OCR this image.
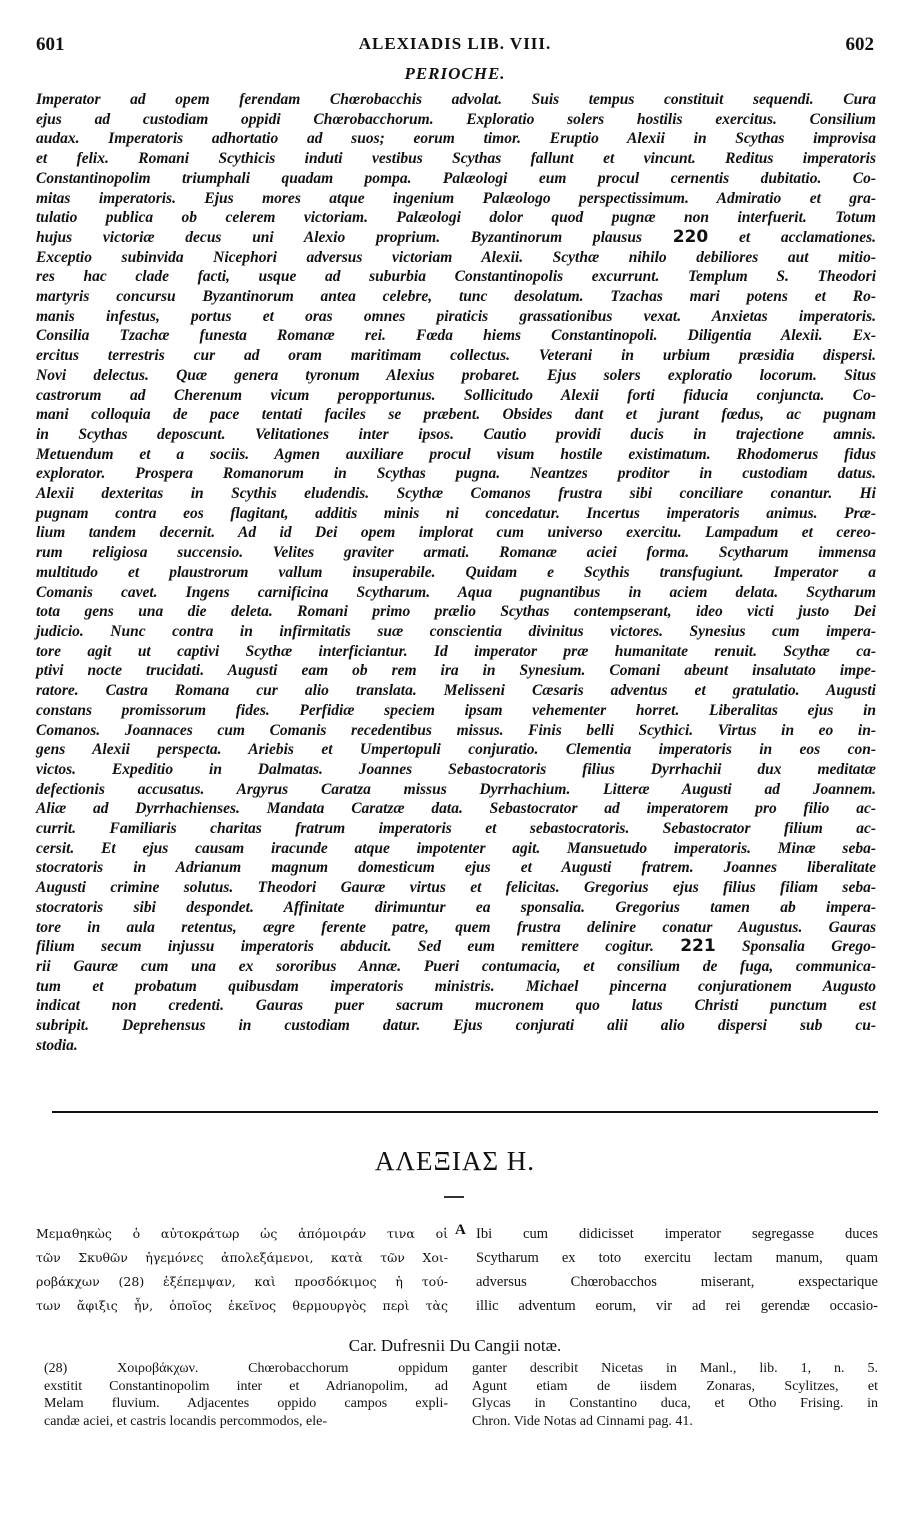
601	ALEXIADIS LIB. VIII.	602
PERIOCHE.
Imperator ad opem ferendam Chœrobacchis advolat. Suis tempus constituit sequendi. Cura
ejus ad custodiam oppidi Chœrobacchorum. Exploratio solers hostilis exercitus. Consilium
audax. Imperatoris adhortatio ad suos; eorum timor. Eruptio Alexii in Scythas improvisa
et felix. Romani Scythicis induti vestibus Scythas fallunt et vincunt. Reditus imperatoris
Constantinopolim triumphali quadam pompa. Palæologi eum procul cernentis dubitatio. Co-
mitas imperatoris. Ejus mores atque ingenium Palæologo perspectissimum. Admiratio et gra-
tulatio publica ob celerem victoriam. Palæologi dolor quod pugnæ non interfuerit. Totum
hujus victoriæ decus uni Alexio proprium. Byzantinorum plausus 220 et acclamationes.
Exceptio subinvida Nicephori adversus victoriam Alexii. Scythæ nihilo debiliores aut mitio-
res hac clade facti, usque ad suburbia Constantinopolis excurrunt. Templum S. Theodori
martyris concursu Byzantinorum antea celebre, tunc desolatum. Tzachas mari potens et Ro-
manis infestus, portus et oras omnes piraticis grassationibus vexat. Anxietas imperatoris.
Consilia Tzachæ funesta Romanæ rei. Fœda hiems Constantinopoli. Diligentia Alexii. Ex-
ercitus terrestris cur ad oram maritimam collectus. Veterani in urbium præsidia dispersi.
Novi delectus. Quæ genera tyronum Alexius probaret. Ejus solers exploratio locorum. Situs
castrorum ad Cherenum vicum peropportunus. Sollicitudo Alexii forti fiducia conjuncta. Co-
mani colloquia de pace tentati faciles se præbent. Obsides dant et jurant fœdus, ac pugnam
in Scythas deposcunt. Velitationes inter ipsos. Cautio providi ducis in trajectione amnis.
Metuendum et a sociis. Agmen auxiliare procul visum hostile existimatum. Rhodomerus fidus
explorator. Prospera Romanorum in Scythas pugna. Neantzes proditor in custodiam datus.
Alexii dexteritas in Scythis eludendis. Scythæ Comanos frustra sibi conciliare conantur. Hi
pugnam contra eos flagitant, additis minis ni concedatur. Incertus imperatoris animus. Præ-
lium tandem decernit. Ad id Dei opem implorat cum universo exercitu. Lampadum et cereo-
rum religiosa succensio. Velites graviter armati. Romanæ aciei forma. Scytharum immensa
multitudo et plaustrorum vallum insuperabile. Quidam e Scythis transfugiunt. Imperator a
Comanis cavet. Ingens carnificina Scytharum. Aqua pugnantibus in aciem delata. Scytharum
tota gens una die deleta. Romani primo prælio Scythas contempserant, ideo victi justo Dei
judicio. Nunc contra in infirmitatis suæ conscientia divinitus victores. Synesius cum impera-
tore agit ut captivi Scythæ interficiantur. Id imperator præ humanitate renuit. Scythæ ca-
ptivi nocte trucidati. Augusti eam ob rem ira in Synesium. Comani abeunt insalutato impe-
ratore. Castra Romana cur alio translata. Melisseni Cæsaris adventus et gratulatio. Augusti
constans promissorum fides. Perfidiæ speciem ipsam vehementer horret. Liberalitas ejus in
Comanos. Joannaces cum Comanis recedentibus missus. Finis belli Scythici. Virtus in eo in-
gens Alexii perspecta. Ariebis et Umpertopuli conjuratio. Clementia imperatoris in eos con-
victos. Expeditio in Dalmatas. Joannes Sebastocratoris filius Dyrrhachii dux meditatæ
defectionis accusatus. Argyrus Caratza missus Dyrrhachium. Litteræ Augusti ad Joannem.
Aliæ ad Dyrrhachienses. Mandata Caratzæ data. Sebastocrator ad imperatorem pro filio ac-
currit. Familiaris charitas fratrum imperatoris et sebastocratoris. Sebastocrator filium ac-
cersit. Et ejus causam iracunde atque impotenter agit. Mansuetudo imperatoris. Minæ seba-
stocratoris in Adrianum magnum domesticum ejus et Augusti fratrem. Joannes liberalitate
Augusti crimine solutus. Theodori Gauræ virtus et felicitas. Gregorius ejus filius filiam seba-
stocratoris sibi despondet. Affinitate dirimuntur ea sponsalia. Gregorius tamen ab impera-
tore in aula retentus, ægre ferente patre, quem frustra delinire conatur Augustus. Gauras
filium secum injussu imperatoris abducit. Sed eum remittere cogitur. 221 Sponsalia Grego-
rii Gauræ cum una ex sororibus Annæ. Pueri contumacia, et consilium de fuga, communica-
tum et probatum quibusdam imperatoris ministris. Michael pincerna conjurationem Augusto
indicat non credenti. Gauras puer sacrum mucronem quo latus Christi punctum est
subripit. Deprehensus in custodiam datur. Ejus conjurati alii alio dispersi sub cu-
stodia.
ΑΛΕΞΙΑΣ Η.
Μεμαθηκὼς ὁ αὐτοκράτωρ ὡς ἀπόμοιράν τινα οἱ
τῶν Σκυθῶν ἡγεμόνες ἀπολεξάμενοι, κατὰ τῶν Χοι-
ροβάκχων (28) ἐξέπεμψαν, καὶ προσδόκιμος ἡ τού-
των ἄφιξις ἦν, ὁποῖος ἐκεῖνος θερμουργὸς περὶ τὰς
A Ibi cum didicisset imperator segregasse duces
Scytharum ex toto exercitu lectam manum, quam
adversus Chœrobacchos miserant, exspectarique
illic adventum eorum, vir ad rei gerendæ occasio-
Car. Dufresnii Du Cangii notæ.
(28) Χοιροβάκχων. Chœrobacchorum oppidum
exstitit Constantinopolim inter et Adrianopolim, ad
Melam fluvium. Adjacentes oppido campos expli-
candæ aciei, et castris locandis percommodos, ele-
ganter describit Nicetas in Manl., lib. 1, n. 5.
Agunt etiam de iisdem Zonaras, Scylitzes, et
Glycas in Constantino duca, et Otho Frising. in
Chron. Vide Notas ad Cinnami pag. 41.
